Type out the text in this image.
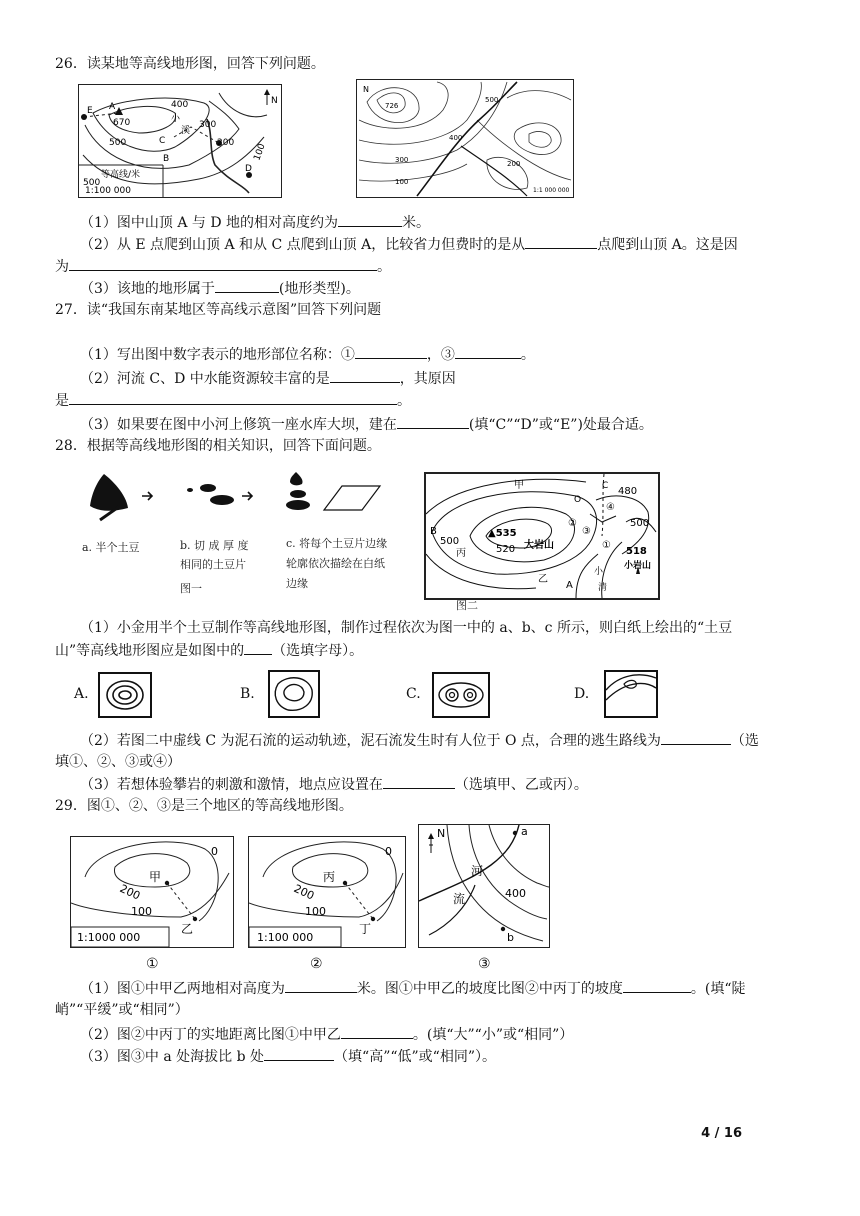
26．读某地等高线地形图，回答下列问题。
E A
670
400
300
200 100
500
500
小
溪
B
C
D
N
等高线/米
1:100 000
N
726
500
300
400
100
200
1:1 000 000
（1）图中山顶 A 与 D 地的相对高度约为	米。
（2）从 E 点爬到山顶 A 和从 C 点爬到山顶 A，比较省力但费时的是从	点爬到山顶 A。这是因
为	。
（3）该地的地形属于	(地形类型)。
27．读“我国东南某地区等高线示意图”回答下列问题
（1）写出图中数字表示的地形部位名称：①	，③	。
（2）河流 C、D 中水能资源较丰富的是	，其原因
是	。
（3）如果要在图中小河上修筑一座水库大坝，建在	(填“C”“D”或“E”)处最合适。
28．根据等高线地形图的相关知识，回答下面问题。
a. 半个土豆	b. 切 成 厚 度
相同的土豆片
图一
c. 将每个土豆片边缘
轮廓依次描绘在白纸
边缘
甲
O
C 480
500
500
B	▲535
大岩山
520
丙
乙
A
518
小岩山
小
清
②
③
①
④
图二
（1）小金用半个土豆制作等高线地形图，制作过程依次为图一中的 a、b、c 所示，则白纸上绘出的“土豆
山”等高线地形图应是如图中的 （选填字母）。
A.	B.	C.	D.
（2）若图二中虚线 C 为泥石流的运动轨迹，泥石流发生时有人位于 O 点，合理的逃生路线为	（选
填①、②、③或④）
（3）若想体验攀岩的刺激和激情，地点应设置在	（选填甲、乙或丙）。
29．图①、②、③是三个地区的等高线地形图。
甲
乙
200
100
0
1:1000 000
①
丙
丁
200
100
0
1:100 000
②
N
河
流	400
a
b
③
（1）图①中甲乙两地相对高度为	米。图①中甲乙的坡度比图②中丙丁的坡度	。(填“陡
峭”“平缓”或“相同”）
（2）图②中丙丁的实地距离比图①中甲乙	。(填“大”“小”或“相同”）
（3）图③中 a 处海拔比 b 处	（填“高”“低”或“相同”）。
4 / 16
